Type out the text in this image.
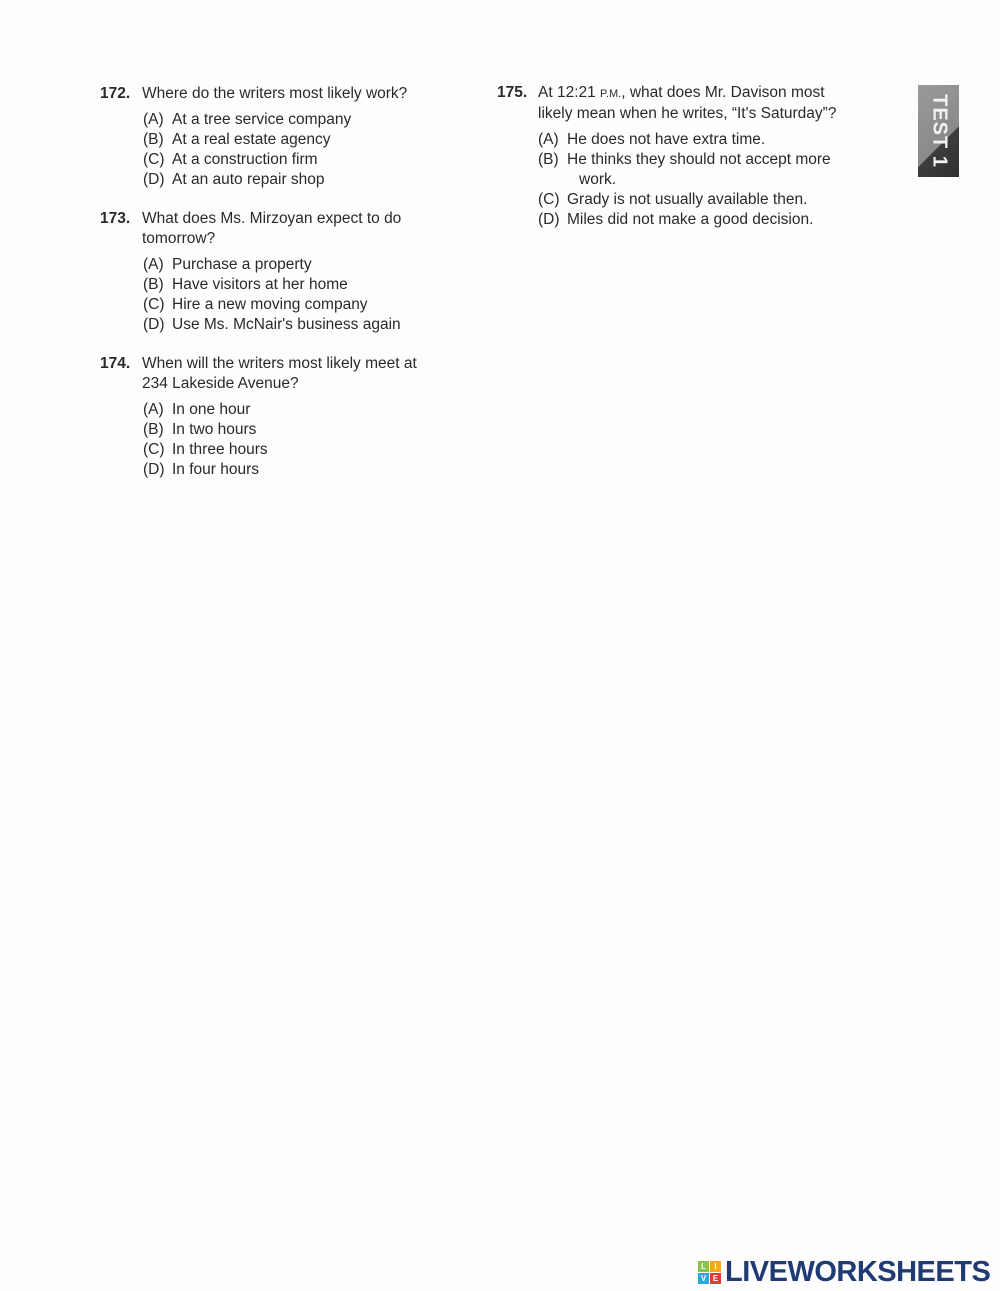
TEST 1
172. Where do the writers most likely work?
(A) At a tree service company
(B) At a real estate agency
(C) At a construction firm
(D) At an auto repair shop
173. What does Ms. Mirzoyan expect to do
tomorrow?
(A) Purchase a property
(B) Have visitors at her home
(C) Hire a new moving company
(D) Use Ms. McNair's business again
174. When will the writers most likely meet at
234 Lakeside Avenue?
(A) In one hour
(B) In two hours
(C) In three hours
(D) In four hours
175. At 12:21 P.M., what does Mr. Davison most
likely mean when he writes, “It's Saturday”?
(A) He does not have extra time.
(B) He thinks they should not accept more
work.
(C) Grady is not usually available then.
(D) Miles did not make a good decision.
L	I
V E LIVEWORKSHEETS
